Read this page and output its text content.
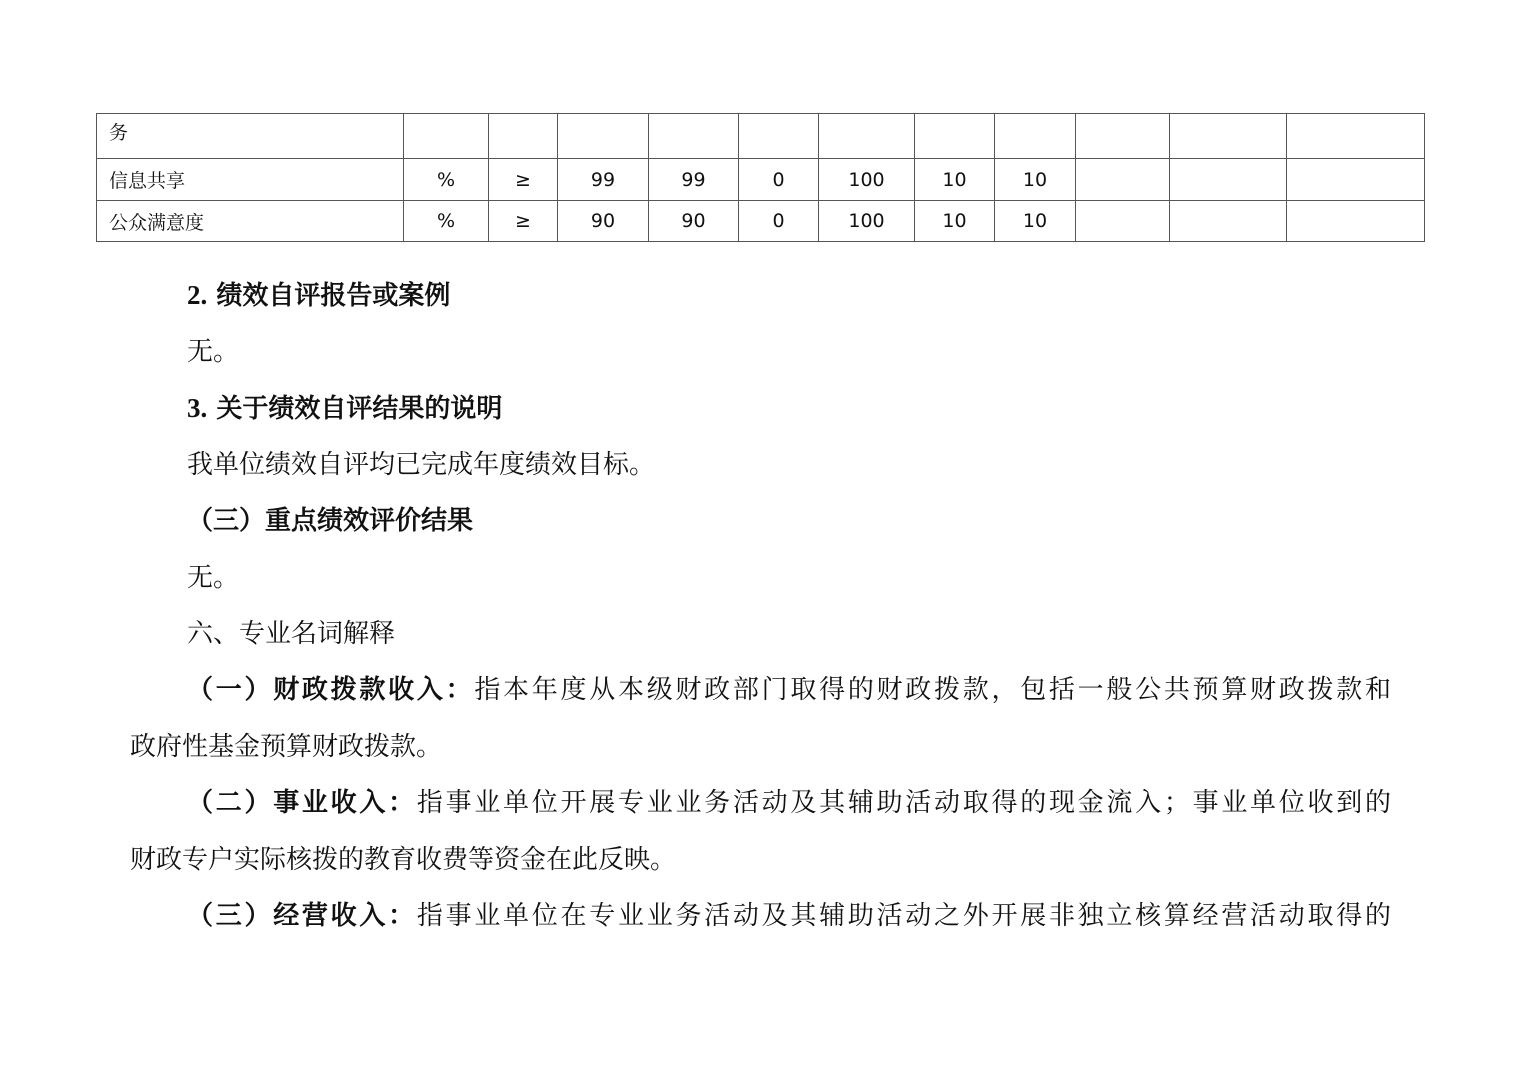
务											
信息共享	%	≥	99	99	0	100	10	10			
公众满意度	%	≥	90	90	0	100	10	10			
2. 绩效自评报告或案例
无。
3. 关于绩效自评结果的说明
我单位绩效自评均已完成年度绩效目标。
（三）重点绩效评价结果
无。
六、专业名词解释
（一）财政拨款收入：指本年度从本级财政部门取得的财政拨款，包括一般公共预算财政拨款和
政府性基金预算财政拨款。
（二）事业收入：指事业单位开展专业业务活动及其辅助活动取得的现金流入；事业单位收到的
财政专户实际核拨的教育收费等资金在此反映。
（三）经营收入：指事业单位在专业业务活动及其辅助活动之外开展非独立核算经营活动取得的
